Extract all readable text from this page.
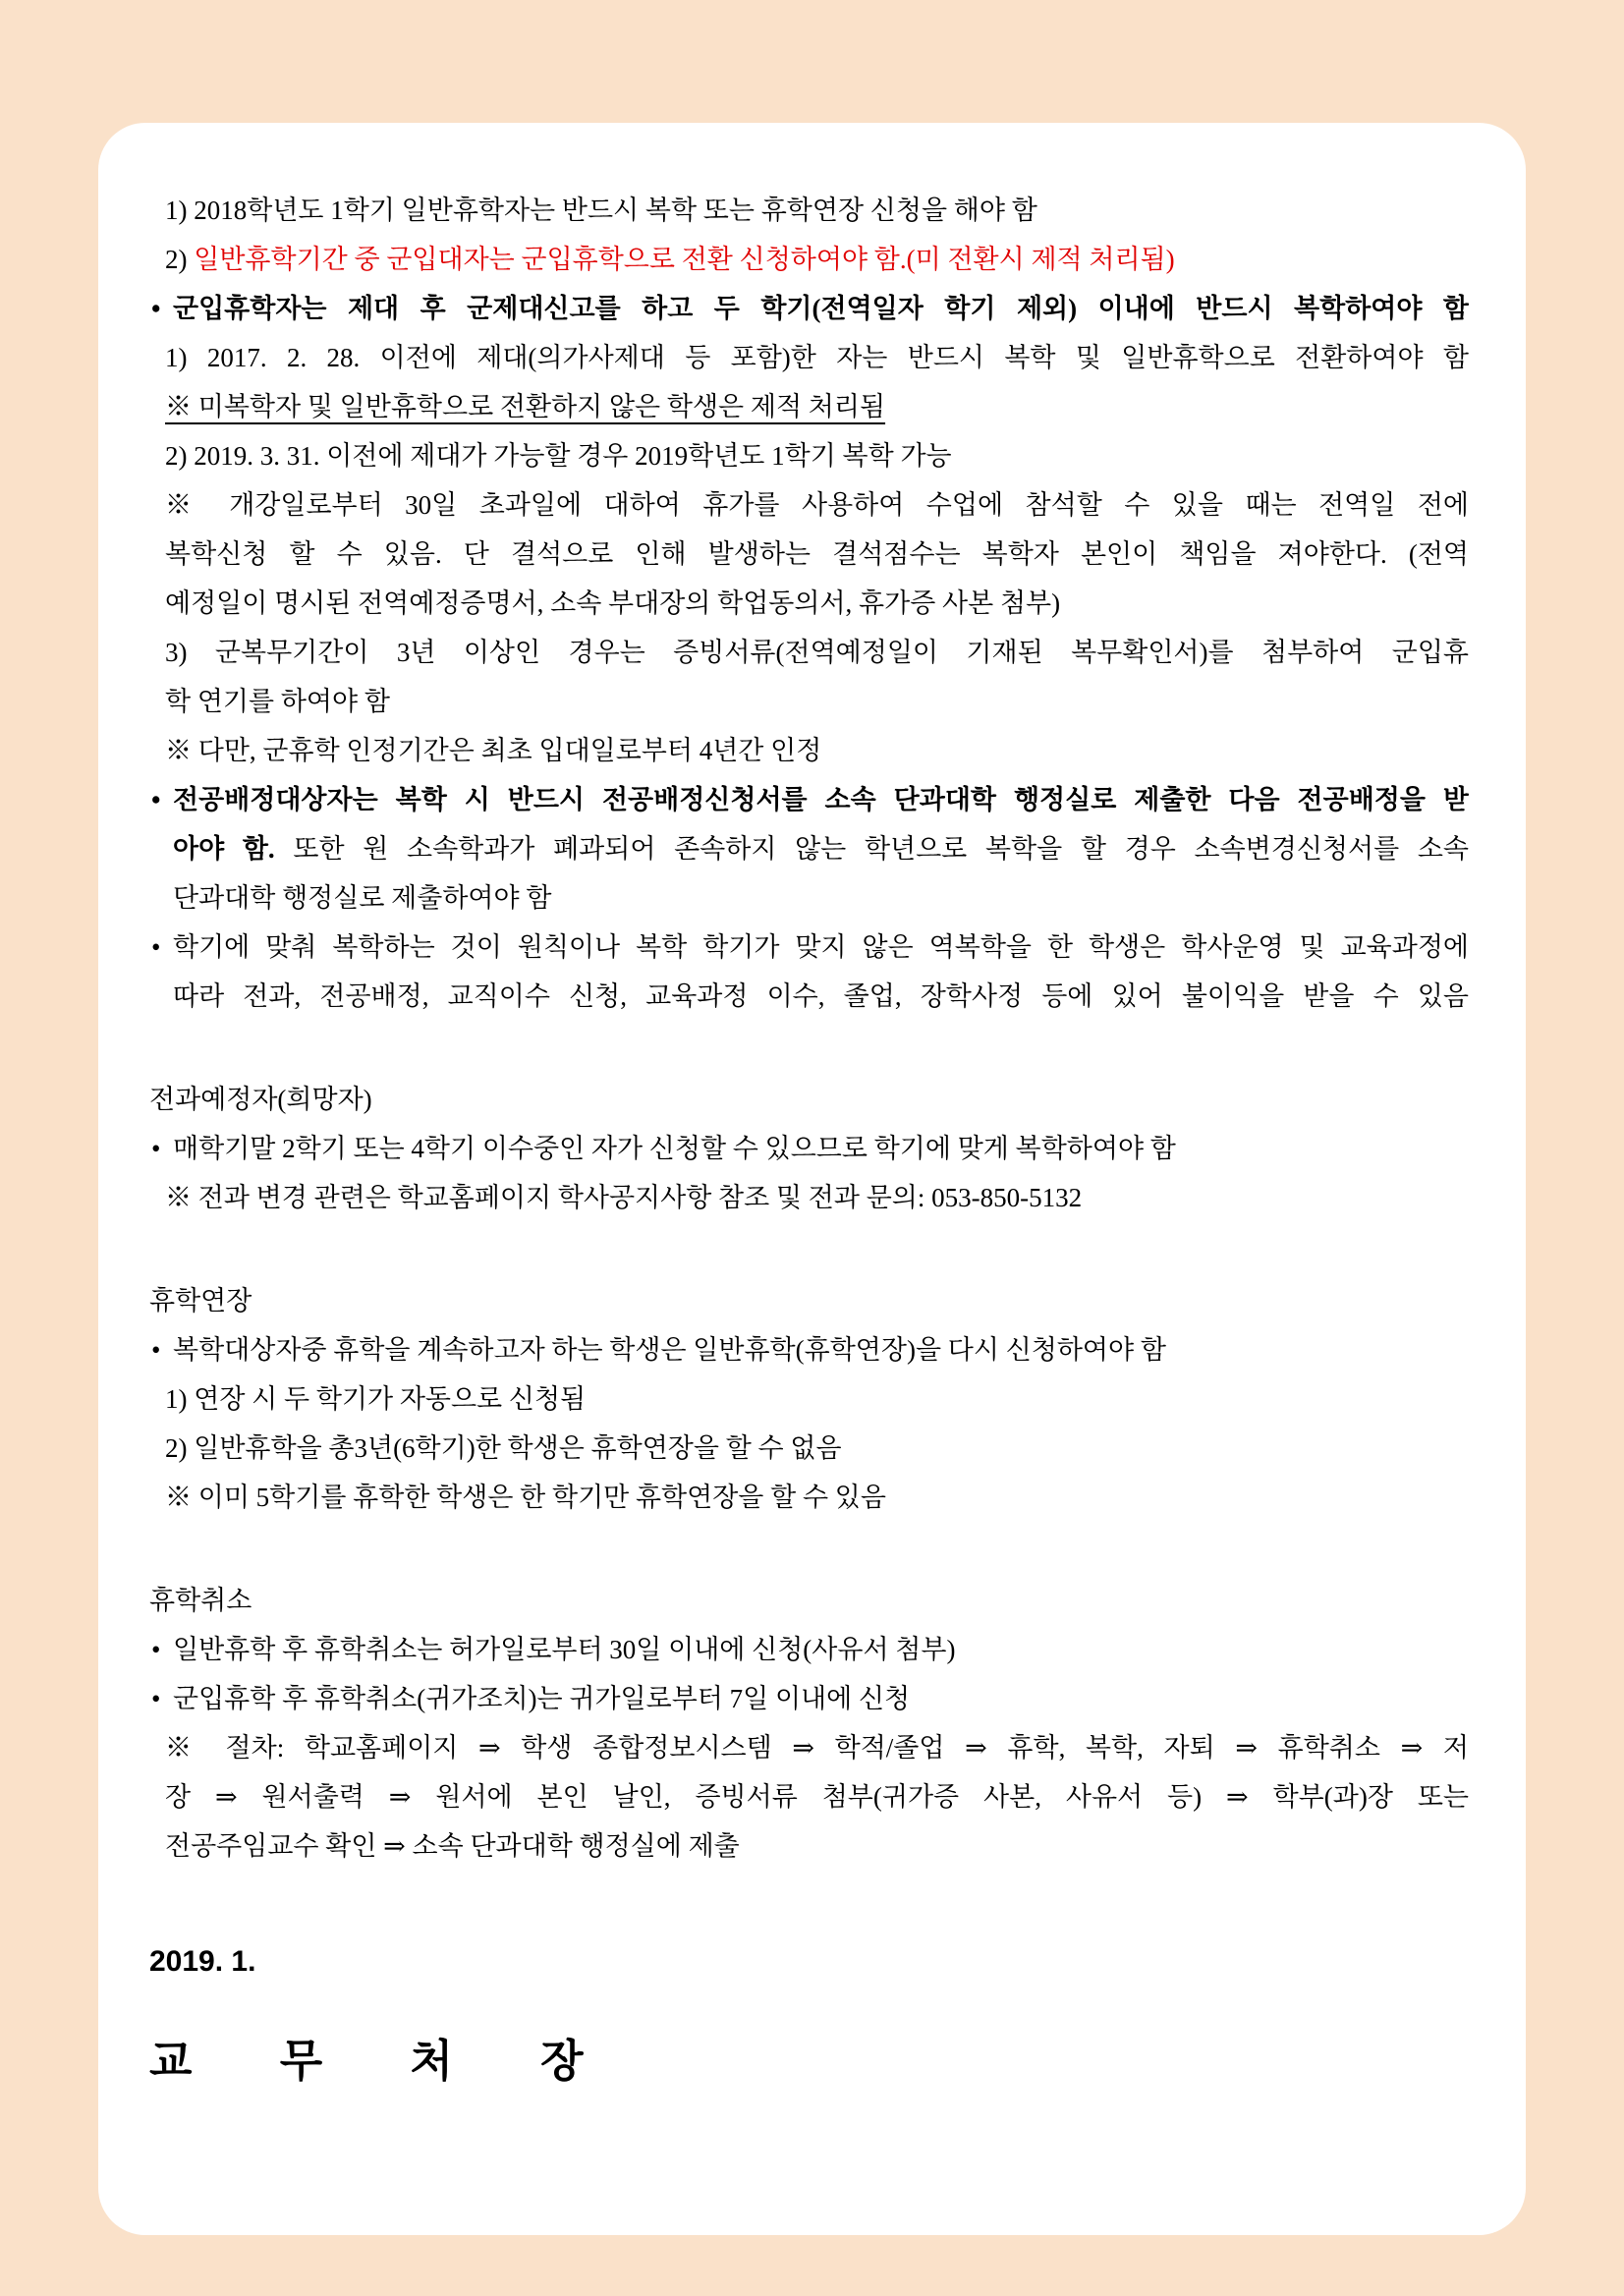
1) 2018학년도 1학기 일반휴학자는 반드시 복학 또는 휴학연장 신청을 해야 함

2) 일반휴학기간 중 군입대자는 군입휴학으로 전환 신청하여야 함.(미 전환시 제적 처리됨)

• 군입휴학자는 제대 후 군제대신고를 하고 두 학기(전역일자 학기 제외) 이내에 반드시 복학하여야 함

1) 2017. 2. 28. 이전에 제대(의가사제대 등 포함)한 자는 반드시 복학 및 일반휴학으로 전환하여야 함

※ 미복학자 및 일반휴학으로 전환하지 않은 학생은 제적 처리됨

2) 2019. 3. 31. 이전에 제대가 가능할 경우 2019학년도 1학기 복학 가능

※ 개강일로부터 30일 초과일에 대하여 휴가를 사용하여 수업에 참석할 수 있을 때는 전역일 전에

복학신청 할 수 있음. 단 결석으로 인해 발생하는 결석점수는 복학자 본인이 책임을 져야한다. (전역

예정일이 명시된 전역예정증명서, 소속 부대장의 학업동의서, 휴가증 사본 첨부)

3) 군복무기간이 3년 이상인 경우는 증빙서류(전역예정일이 기재된 복무확인서)를 첨부하여 군입휴

학 연기를 하여야 함

※ 다만, 군휴학 인정기간은 최초 입대일로부터 4년간 인정

• 전공배정대상자는 복학 시 반드시 전공배정신청서를 소속 단과대학 행정실로 제출한 다음 전공배정을 받

아야 함. 또한 원 소속학과가 폐과되어 존속하지 않는 학년으로 복학을 할 경우 소속변경신청서를 소속

단과대학 행정실로 제출하여야 함

• 학기에 맞춰 복학하는 것이 원칙이나 복학 학기가 맞지 않은 역복학을 한 학생은 학사운영 및 교육과정에

따라 전과, 전공배정, 교직이수 신청, 교육과정 이수, 졸업, 장학사정 등에 있어 불이익을 받을 수 있음

전과예정자(희망자)

• 매학기말 2학기 또는 4학기 이수중인 자가 신청할 수 있으므로 학기에 맞게 복학하여야 함

※ 전과 변경 관련은 학교홈페이지 학사공지사항 참조 및 전과 문의: 053-850-5132

휴학연장

• 복학대상자중 휴학을 계속하고자 하는 학생은 일반휴학(휴학연장)을 다시 신청하여야 함

1) 연장 시 두 학기가 자동으로 신청됨

2) 일반휴학을 총3년(6학기)한 학생은 휴학연장을 할 수 없음

※ 이미 5학기를 휴학한 학생은 한 학기만 휴학연장을 할 수 있음

휴학취소

• 일반휴학 후 휴학취소는 허가일로부터 30일 이내에 신청(사유서 첨부)

• 군입휴학 후 휴학취소(귀가조치)는 귀가일로부터 7일 이내에 신청

※ 절차: 학교홈페이지 ⇒ 학생 종합정보시스템 ⇒ 학적/졸업 ⇒ 휴학, 복학, 자퇴 ⇒ 휴학취소 ⇒ 저

장 ⇒ 원서출력 ⇒ 원서에 본인 날인, 증빙서류 첨부(귀가증 사본, 사유서 등) ⇒ 학부(과)장 또는

전공주임교수 확인 ⇒ 소속 단과대학 행정실에 제출

2019. 1.

교 무 처 장
